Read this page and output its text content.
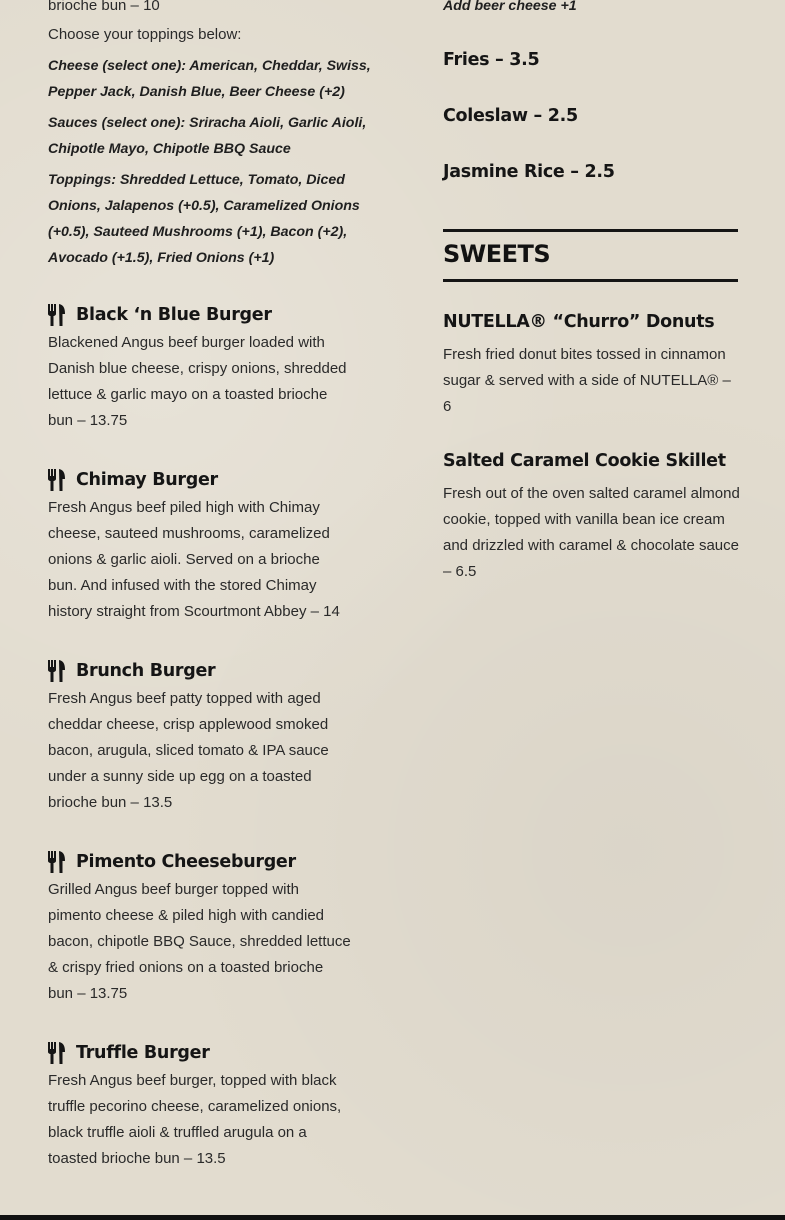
brioche bun – 10

Choose your toppings below:

Cheese (select one): American, Cheddar, Swiss,

Pepper Jack, Danish Blue, Beer Cheese (+2)

Sauces (select one): Sriracha Aioli, Garlic Aioli,

Chipotle Mayo, Chipotle BBQ Sauce

Toppings: Shredded Lettuce, Tomato, Diced

Onions, Jalapenos (+0.5), Caramelized Onions

(+0.5), Sauteed Mushrooms (+1), Bacon (+2),

Avocado (+1.5), Fried Onions (+1)

Black ‘n Blue Burger

Blackened Angus beef burger loaded with

Danish blue cheese, crispy onions, shredded

lettuce & garlic mayo on a toasted brioche

bun – 13.75

Chimay Burger

Fresh Angus beef piled high with Chimay

cheese, sauteed mushrooms, caramelized

onions & garlic aioli. Served on a brioche

bun. And infused with the stored Chimay

history straight from Scourtmont Abbey – 14

Brunch Burger

Fresh Angus beef patty topped with aged

cheddar cheese, crisp applewood smoked

bacon, arugula, sliced tomato & IPA sauce

under a sunny side up egg on a toasted

brioche bun – 13.5

Pimento Cheeseburger

Grilled Angus beef burger topped with

pimento cheese & piled high with candied

bacon, chipotle BBQ Sauce, shredded lettuce

& crispy fried onions on a toasted brioche

bun – 13.75

Truffle Burger

Fresh Angus beef burger, topped with black

truffle pecorino cheese, caramelized onions,

black truffle aioli & truffled arugula on a

toasted brioche bun – 13.5

Add beer cheese +1

Fries – 3.5

Coleslaw – 2.5

Jasmine Rice – 2.5

SWEETS

NUTELLA® “Churro” Donuts

Fresh fried donut bites tossed in cinnamon

sugar & served with a side of NUTELLA® –

6

Salted Caramel Cookie Skillet

Fresh out of the oven salted caramel almond

cookie, topped with vanilla bean ice cream

and drizzled with caramel & chocolate sauce

– 6.5
